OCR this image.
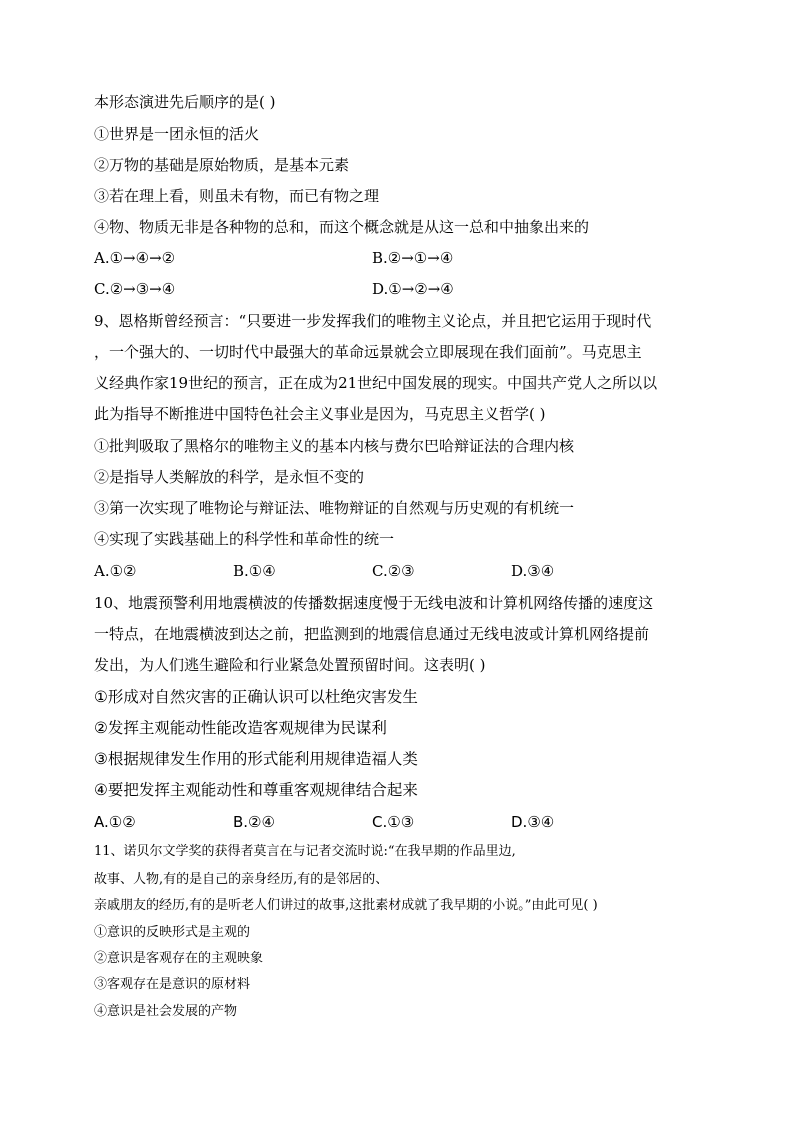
本形态演进先后顺序的是( )
①世界是一团永恒的活火
②万物的基础是原始物质，是基本元素
③若在理上看，则虽未有物，而已有物之理
④物、物质无非是各种物的总和，而这个概念就是从这一总和中抽象出来的
A.①→④→②	B.②→①→④
C.②→③→④	D.①→②→④
9、恩格斯曾经预言：“只要进一步发挥我们的唯物主义论点，并且把它运用于现时代
，一个强大的、一切时代中最强大的革命远景就会立即展现在我们面前”。马克思主
义经典作家19世纪的预言，正在成为21世纪中国发展的现实。中国共产党人之所以以
此为指导不断推进中国特色社会主义事业是因为，马克思主义哲学( )
①批判吸取了黑格尔的唯物主义的基本内核与费尔巴哈辩证法的合理内核
②是指导人类解放的科学，是永恒不变的
③第一次实现了唯物论与辩证法、唯物辩证的自然观与历史观的有机统一
④实现了实践基础上的科学性和革命性的统一
A.①②	B.①④	C.②③	D.③④
10、地震预警利用地震横波的传播数据速度慢于无线电波和计算机网络传播的速度这
一特点，在地震横波到达之前，把监测到的地震信息通过无线电波或计算机网络提前
发出，为人们逃生避险和行业紧急处置预留时间。这表明( )
①形成对自然灾害的正确认识可以杜绝灾害发生
②发挥主观能动性能改造客观规律为民谋利
③根据规律发生作用的形式能利用规律造福人类
④要把发挥主观能动性和尊重客观规律结合起来
A.①②	B.②④	C.①③	D.③④
11、诺贝尔文学奖的获得者莫言在与记者交流时说:“在我早期的作品里边,
故事、人物,有的是自己的亲身经历,有的是邻居的、
亲戚朋友的经历,有的是听老人们讲过的故事,这批素材成就了我早期的小说。”由此可见( )
①意识的反映形式是主观的
②意识是客观存在的主观映象
③客观存在是意识的原材料
④意识是社会发展的产物
